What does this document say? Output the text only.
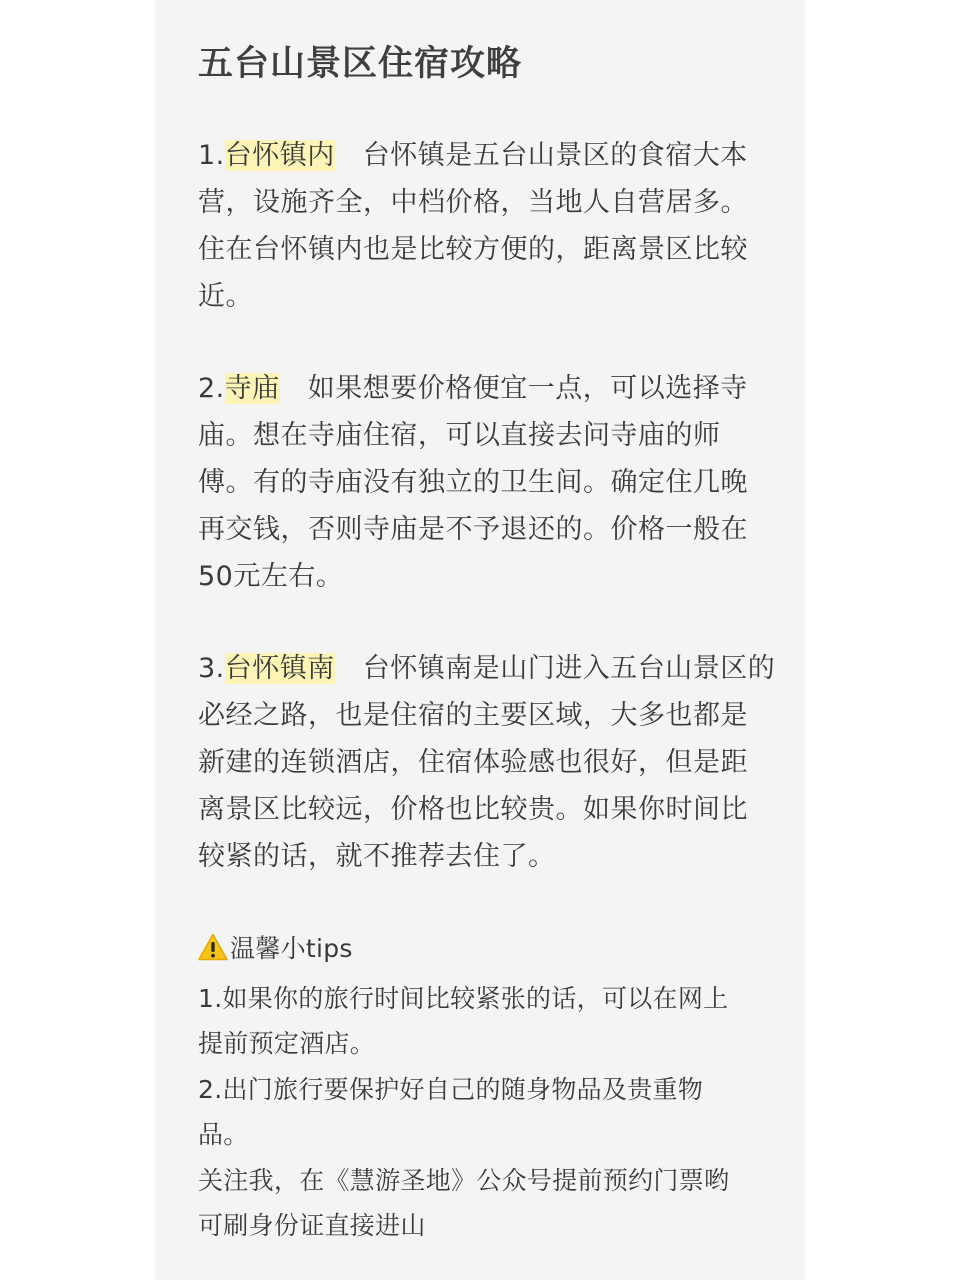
五台山景区住宿攻略
1.台怀镇内 台怀镇是五台山景区的食宿大本
营，设施齐全，中档价格，当地人自营居多。
住在台怀镇内也是比较方便的，距离景区比较
近。
2.寺庙 如果想要价格便宜一点，可以选择寺
庙。想在寺庙住宿，可以直接去问寺庙的师
傅。有的寺庙没有独立的卫生间。确定住几晚
再交钱，否则寺庙是不予退还的。价格一般在
50元左右。
3.台怀镇南 台怀镇南是山门进入五台山景区的
必经之路，也是住宿的主要区域，大多也都是
新建的连锁酒店，住宿体验感也很好，但是距
离景区比较远，价格也比较贵。如果你时间比
较紧的话，就不推荐去住了。
温馨小tips
1.如果你的旅行时间比较紧张的话，可以在网上
提前预定酒店。
2.出门旅行要保护好自己的随身物品及贵重物
品。
关注我，在《慧游圣地》公众号提前预约门票哟
可刷身份证直接进山
